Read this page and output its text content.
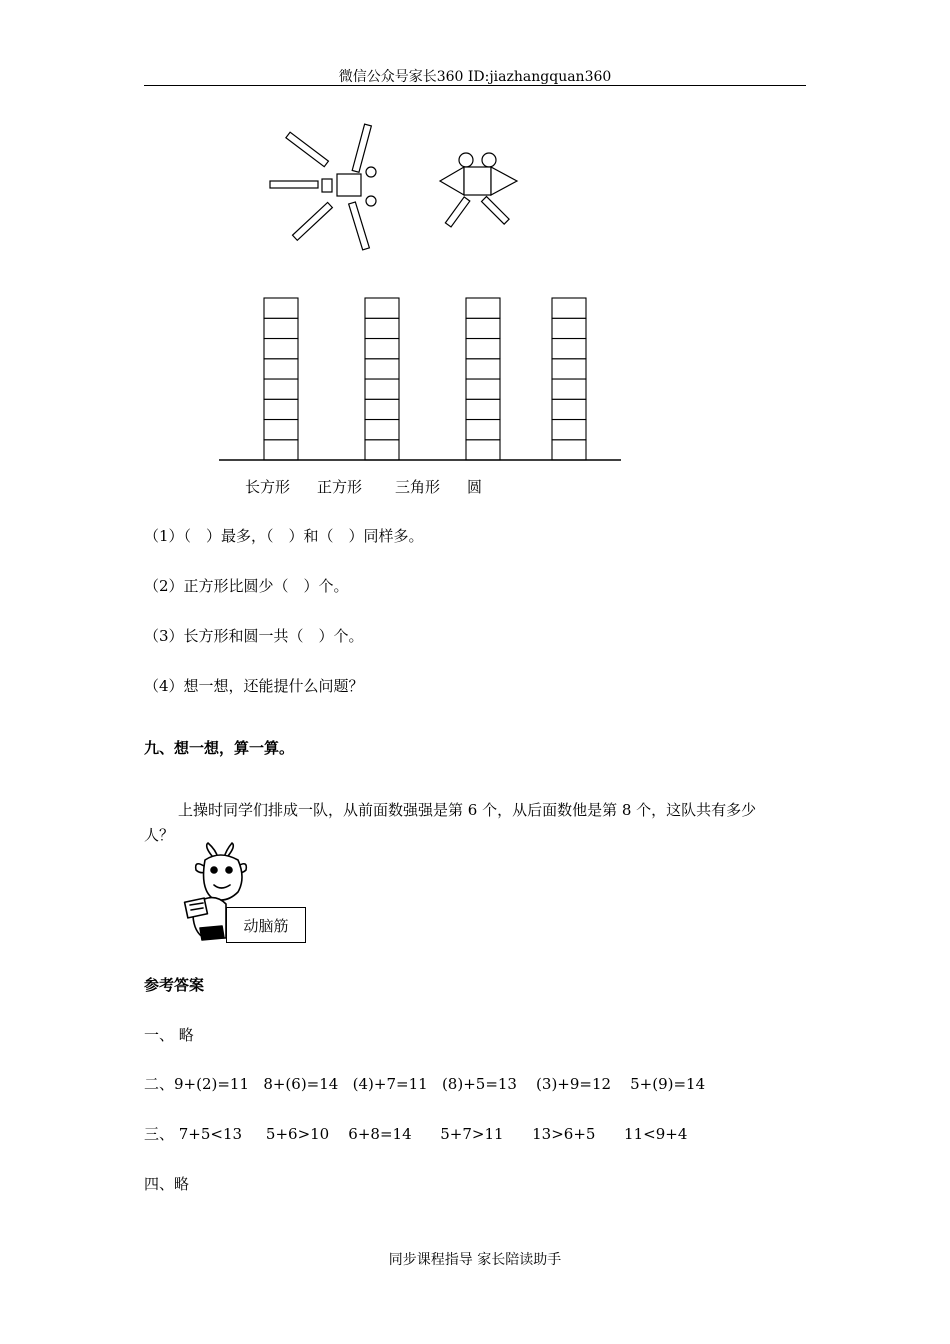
微信公众号家长360 ID:jiazhangquan360
长方形 正方形 三角形 圆
（1）（　）最多，（　）和（　）同样多。
（2）正方形比圆少（　）个。
（3）长方形和圆一共（　）个。
（4）想一想，还能提什么问题？
九、想一想，算一算。
上操时同学们排成一队，从前面数强强是第 6 个，从后面数他是第 8 个，这队共有多少
人？
动脑筋
参考答案
一、 略
二、9+(2)=11   8+(6)=14   (4)+7=11   (8)+5=13    (3)+9=12    5+(9)=14
三、 7+5<13     5+6>10    6+8=14      5+7>11      13>6+5      11<9+4
四、略
同步课程指导 家长陪读助手
